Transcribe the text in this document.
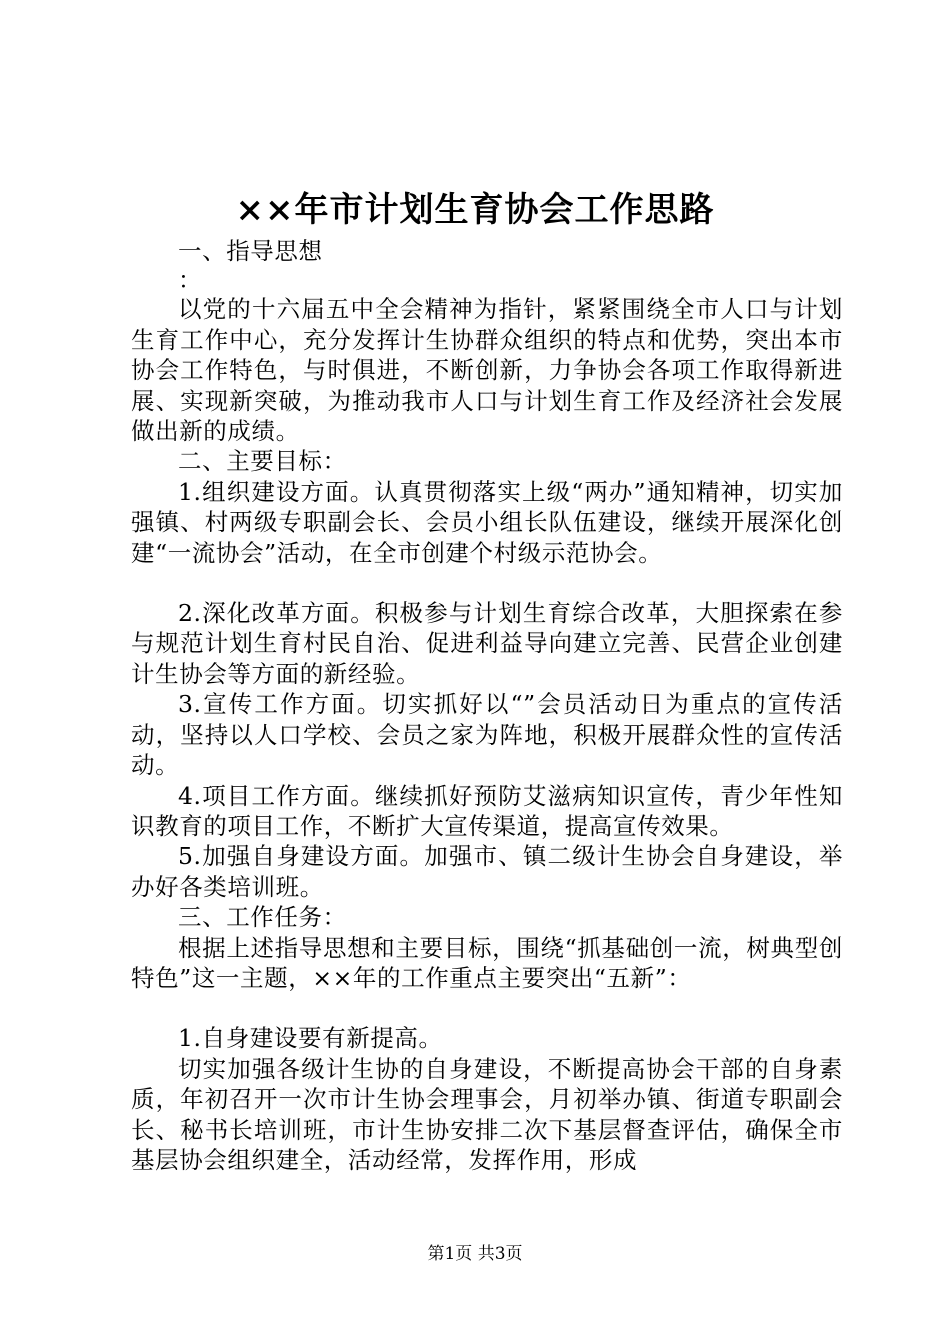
××年市计划生育协会工作思路

一、指导思想

：

以党的十六届五中全会精神为指针，紧紧围绕全市人口与计划生育工作中心，充分发挥计生协群众组织的特点和优势，突出本市协会工作特色，与时俱进，不断创新，力争协会各项工作取得新进展、实现新突破，为推动我市人口与计划生育工作及经济社会发展做出新的成绩。

二、主要目标：

1.组织建设方面。认真贯彻落实上级“两办”通知精神，切实加强镇、村两级专职副会长、会员小组长队伍建设，继续开展深化创建“一流协会”活动，在全市创建个村级示范协会。

2.深化改革方面。积极参与计划生育综合改革，大胆探索在参与规范计划生育村民自治、促进利益导向建立完善、民营企业创建计生协会等方面的新经验。

3.宣传工作方面。切实抓好以“”会员活动日为重点的宣传活动，坚持以人口学校、会员之家为阵地，积极开展群众性的宣传活动。

4.项目工作方面。继续抓好预防艾滋病知识宣传，青少年性知识教育的项目工作，不断扩大宣传渠道，提高宣传效果。

5.加强自身建设方面。加强市、镇二级计生协会自身建设，举办好各类培训班。

三、工作任务：

根据上述指导思想和主要目标，围绕“抓基础创一流，树典型创特色”这一主题，××年的工作重点主要突出“五新”：

1.自身建设要有新提高。

切实加强各级计生协的自身建设，不断提高协会干部的自身素质，年初召开一次市计生协会理事会，月初举办镇、街道专职副会长、秘书长培训班，市计生协安排二次下基层督查评估，确保全市基层协会组织建全，活动经常，发挥作用，形成

第1页 共3页
